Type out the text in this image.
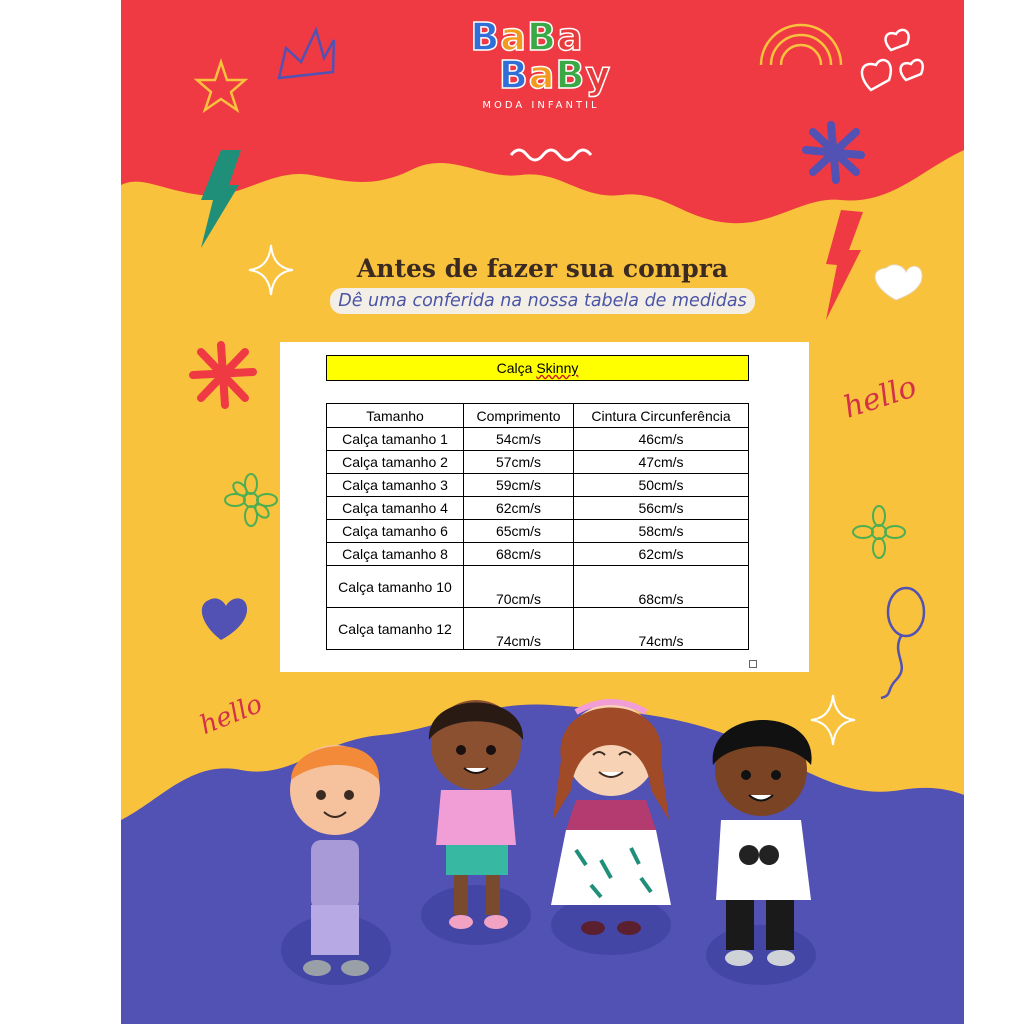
BaBa
BaBy
MODA INFANTIL
Antes de fazer sua compra
Dê uma conferida na nossa tabela de medidas
hello
hello
Calça Skinny
Tamanho	Comprimento	Cintura Circunferência
Calça tamanho 1	54cm/s	46cm/s
Calça tamanho 2	57cm/s	47cm/s
Calça tamanho 3	59cm/s	50cm/s
Calça tamanho 4	62cm/s	56cm/s
Calça tamanho 6	65cm/s	58cm/s
Calça tamanho 8	68cm/s	62cm/s
Calça tamanho 10	70cm/s	68cm/s
Calça tamanho 12	74cm/s	74cm/s
